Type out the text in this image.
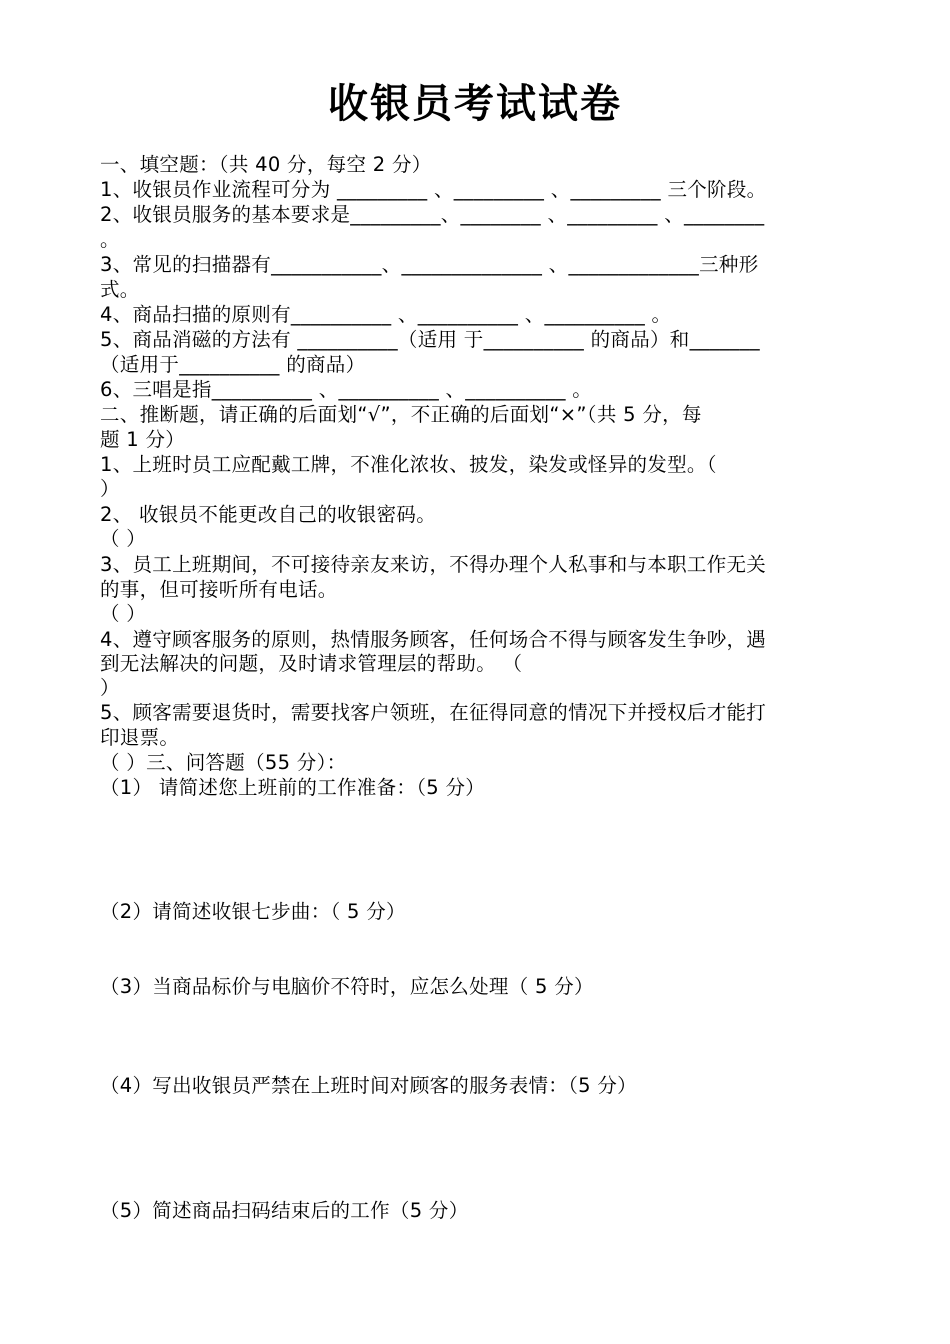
收银员考试试卷
一、填空题：（共 40 分，每空 2 分）
1、收银员作业流程可分为 _________ 、_________ 、_________ 三个阶段。
2、收银员服务的基本要求是_________、________ 、_________ 、________
。
3、常见的扫描器有___________、______________ 、_____________三种形
式。
4、商品扫描的原则有__________ 、__________ 、__________ 。
5、商品消磁的方法有 __________（适用 于__________ 的商品）和_______
（适用于__________ 的商品）
6、三唱是指__________ 、__________ 、__________ 。
二、推断题，请正确的后面划“√”，不正确的后面划“×”（共 5 分，每
题 1 分）
1、上班时员工应配戴工牌，不准化浓妆、披发，染发或怪异的发型。（
）
2、 收银员不能更改自己的收银密码。
（ ）
3、员工上班期间，不可接待亲友来访，不得办理个人私事和与本职工作无关
的事，但可接听所有电话。
（ ）
4、遵守顾客服务的原则，热情服务顾客，任何场合不得与顾客发生争吵，遇
到无法解决的问题，及时请求管理层的帮助。 （
）
5、顾客需要退货时，需要找客户领班，在征得同意的情况下并授权后才能打
印退票。
（ ）三、问答题（55 分）：
（1） 请简述您上班前的工作准备：（5 分）
（2）请简述收银七步曲：（ 5 分）
（3）当商品标价与电脑价不符时，应怎么处理（ 5 分）
（4）写出收银员严禁在上班时间对顾客的服务表情：（5 分）
（5）简述商品扫码结束后的工作（5 分）
